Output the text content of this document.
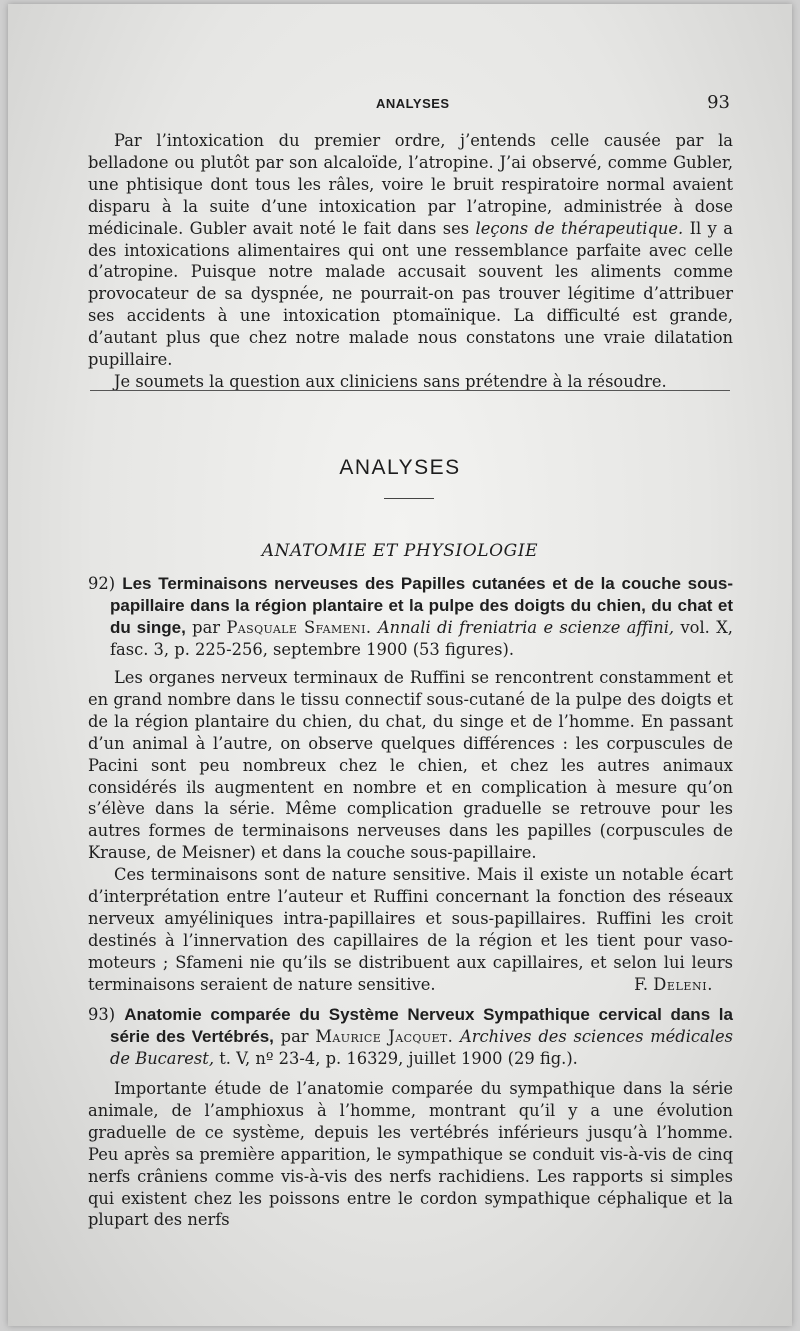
ANALYSES	93

Par l’intoxication du premier ordre, j’entends celle causée par la belladone ou plutôt par son alcaloïde, l’atropine. J’ai observé, comme Gubler, une phtisique dont tous les râles, voire le bruit respiratoire normal avaient disparu à la suite d’une intoxication par l’atropine, administrée à dose médicinale. Gubler avait noté le fait dans ses leçons de thérapeutique. Il y a des intoxications alimentaires qui ont une ressemblance parfaite avec celle d’atropine. Puisque notre malade accusait souvent les aliments comme provocateur de sa dyspnée, ne pourrait-on pas trouver légitime d’attribuer ses accidents à une intoxication ptomaïnique. La difficulté est grande, d’autant plus que chez notre malade nous constatons une vraie dilatation pupillaire.

Je soumets la question aux cliniciens sans prétendre à la résoudre.

ANALYSES
ANATOMIE ET PHYSIOLOGIE

92) Les Terminaisons nerveuses des Papilles cutanées et de la couche sous-papillaire dans la région plantaire et la pulpe des doigts du chien, du chat et du singe, par Pasquale Sfameni. Annali di freniatria e scienze affini, vol. X, fasc. 3, p. 225-256, septembre 1900 (53 figures).

Les organes nerveux terminaux de Ruffini se rencontrent constamment et en grand nombre dans le tissu connectif sous-cutané de la pulpe des doigts et de la région plantaire du chien, du chat, du singe et de l’homme. En passant d’un animal à l’autre, on observe quelques différences : les corpuscules de Pacini sont peu nombreux chez le chien, et chez les autres animaux considérés ils augmentent en nombre et en complication à mesure qu’on s’élève dans la série. Même complication graduelle se retrouve pour les autres formes de terminaisons nerveuses dans les papilles (corpuscules de Krause, de Meisner) et dans la couche sous-papillaire.

Ces terminaisons sont de nature sensitive. Mais il existe un notable écart d’interprétation entre l’auteur et Ruffini concernant la fonction des réseaux nerveux amyéliniques intra-papillaires et sous-papillaires. Ruffini les croit destinés à l’innervation des capillaires de la région et les tient pour vaso-moteurs ; Sfameni nie qu’ils se distribuent aux capillaires, et selon lui leurs terminaisons seraient de nature sensitive.	F. Deleni.

93) Anatomie comparée du Système Nerveux Sympathique cervical dans la série des Vertébrés, par Maurice Jacquet. Archives des sciences médicales de Bucarest, t. V, nº 23-4, p. 16329, juillet 1900 (29 fig.).

Importante étude de l’anatomie comparée du sympathique dans la série animale, de l’amphioxus à l’homme, montrant qu’il y a une évolution graduelle de ce système, depuis les vertébrés inférieurs jusqu’à l’homme. Peu après sa première apparition, le sympathique se conduit vis-à-vis de cinq nerfs crâniens comme vis-à-vis des nerfs rachidiens. Les rapports si simples qui existent chez les poissons entre le cordon sympathique céphalique et la plupart des nerfs
